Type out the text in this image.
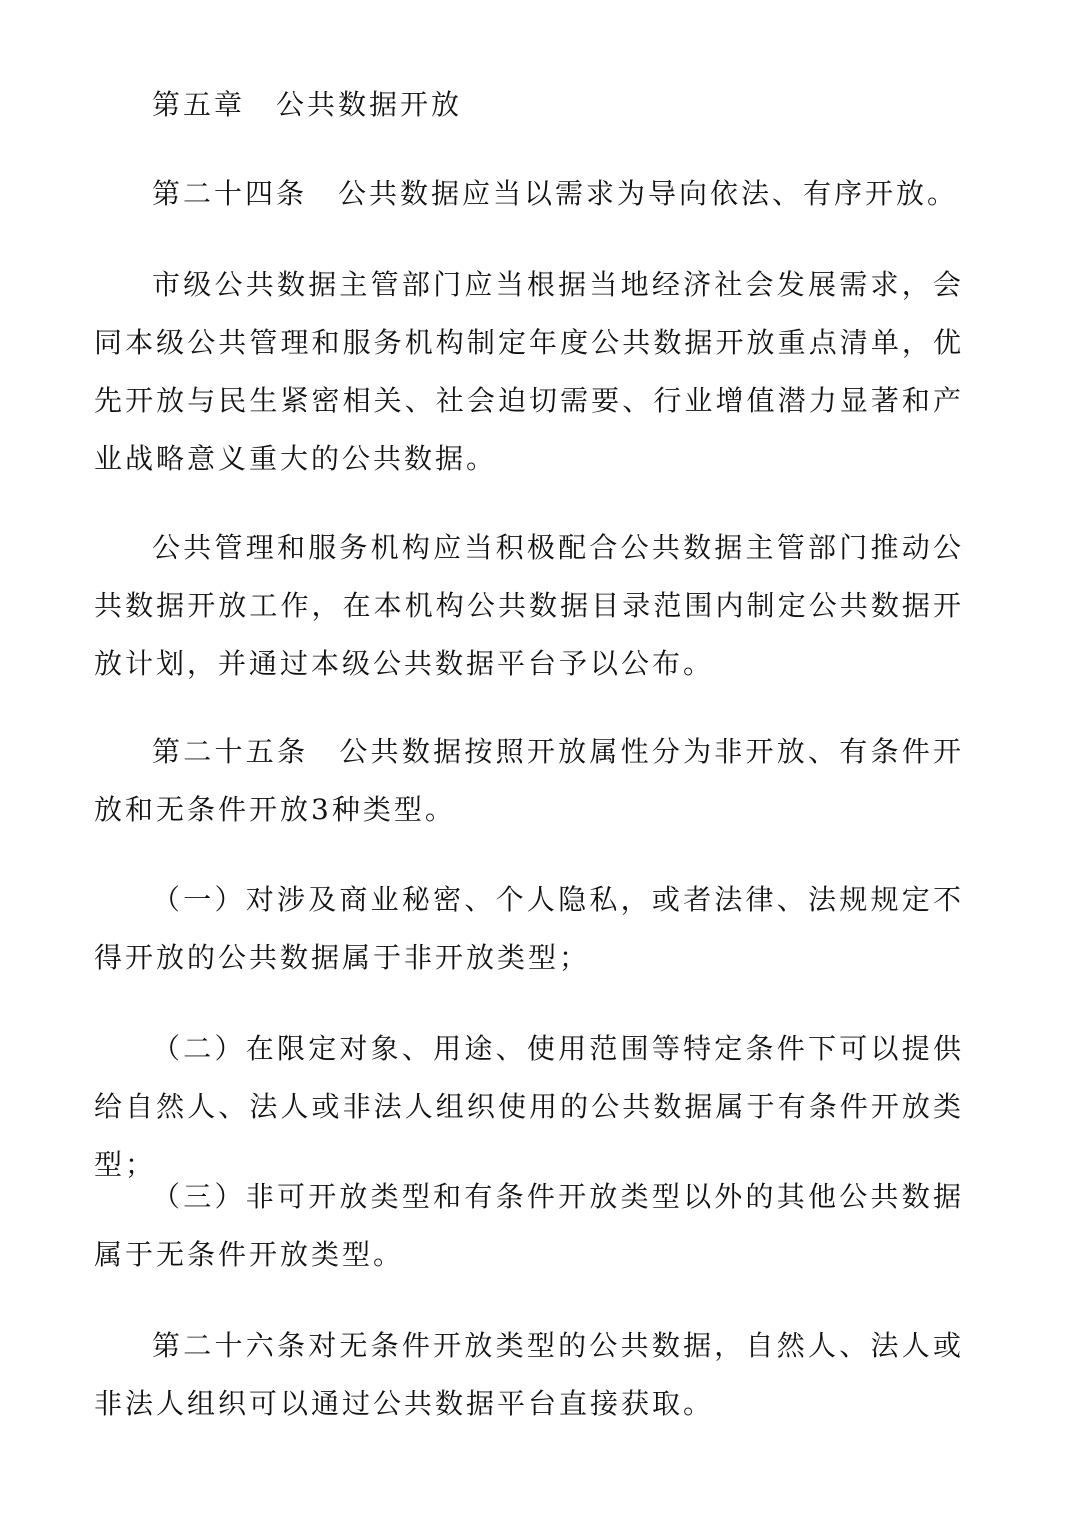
第五章　公共数据开放

第二十四条　公共数据应当以需求为导向依法、有序开放。

市级公共数据主管部门应当根据当地经济社会发展需求，会同本级公共管理和服务机构制定年度公共数据开放重点清单，优先开放与民生紧密相关、社会迫切需要、行业增值潜力显著和产业战略意义重大的公共数据。

公共管理和服务机构应当积极配合公共数据主管部门推动公共数据开放工作，在本机构公共数据目录范围内制定公共数据开放计划，并通过本级公共数据平台予以公布。

第二十五条　公共数据按照开放属性分为非开放、有条件开放和无条件开放3种类型。

（一）对涉及商业秘密、个人隐私，或者法律、法规规定不得开放的公共数据属于非开放类型；

（二）在限定对象、用途、使用范围等特定条件下可以提供给自然人、法人或非法人组织使用的公共数据属于有条件开放类型；

（三）非可开放类型和有条件开放类型以外的其他公共数据属于无条件开放类型。

第二十六条对无条件开放类型的公共数据，自然人、法人或非法人组织可以通过公共数据平台直接获取。
